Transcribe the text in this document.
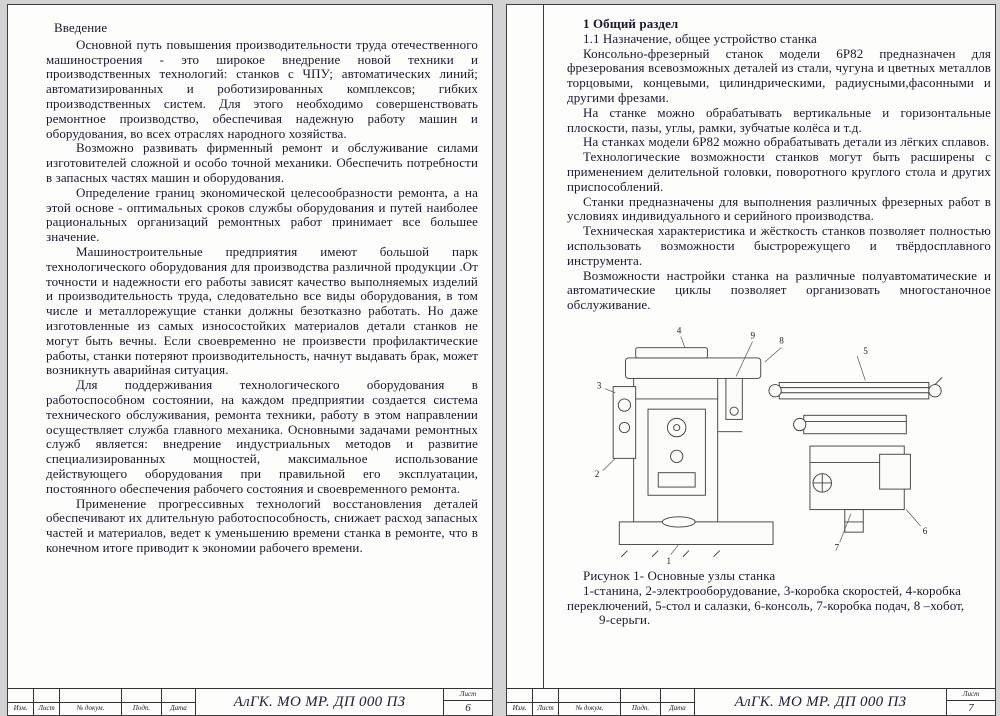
Введение

Основной путь повышения производительности труда отечественного машиностроения - это широкое внедрение новой техники и производственных технологий: станков с ЧПУ; автоматических линий; автоматизированных и роботизированных комплексов; гибких производственных систем. Для этого необходимо совершенствовать ремонтное производство, обеспечивая надежную работу машин и оборудования, во всех отраслях народного хозяйства.

Возможно развивать фирменный ремонт и обслуживание силами изготовителей сложной и особо точной механики. Обеспечить потребности в запасных частях машин и оборудования.

Определение границ экономической целесообразности ремонта, а на этой основе - оптимальных сроков службы оборудования и путей наиболее рациональных организаций ремонтных работ принимает все большее значение.

Машиностроительные предприятия имеют большой парк технологического оборудования для производства различной продукции .От точности и надежности его работы зависят качество выполняемых изделий и производительность труда, следовательно все виды оборудования, в том числе и металлорежущие станки должны безотказно работать. Но даже изготовленные из самых износостойких материалов детали станков не могут быть вечны. Если своевременно не произвести профилактические работы, станки потеряют производительность, начнут выдавать брак, может возникнуть аварийная ситуация.

Для поддерживания технологического оборудования в работоспособном состоянии, на каждом предприятии создается система технического обслуживания, ремонта техники, работу в этом направлении осуществляет служба главного механика. Основными задачами ремонтных служб является: внедрение индустриальных методов и развитие специализированных мощностей, максимальное использование действующего оборудования при правильной его эксплуатации, постоянного обеспечения рабочего состояния и своевременного ремонта.

Применение прогрессивных технологий восстановления деталей обеспечивают их длительную работоспособность, снижает расход запасных частей и материалов, ведет к уменьшению времени станка в ремонте, что в конечном итоге приводит к экономии рабочего времени.

Изм.	Лист	№ докум.	Подп.	Дата	АлГК. МО МР. ДП 000 ПЗ	Лист
6
1 Общий раздел
1.1 Назначение, общее устройство станка

Консольно-фрезерный станок модели 6Р82 предназначен для фрезерования всевозможных деталей из стали, чугуна и цветных металлов торцовыми, концевыми, цилиндрическими, радиусными,фасонными и другими фрезами.

На станке можно обрабатывать вертикальные и горизонтальные плоскости, пазы, углы, рамки, зубчатые колёса и т.д.

На станках модели 6Р82 можно обрабатывать детали из лёгких сплавов.

Технологические возможности станков могут быть расширены с применением делительной головки, поворотного круглого стола и других приспособлений.

Станки предназначены для выполнения различных фрезерных работ в условиях индивидуального и серийного производства.

Техническая характеристика и жёсткость станков позволяет полностью использовать возможности быстрорежущего и твёрдосплавного инструмента.

Возможности настройки станка на различные полуавтоматические и автоматические циклы позволяет организовать многостаночное обслуживание.

1
2
3
4
5
6
7
8
9

Рисунок 1- Основные узлы станка

1-станина, 2-электрооборудование, 3-коробка скоростей, 4-коробка переключений, 5-стол и салазки, 6-консоль, 7-коробка подач, 8 –хобот,

9-серьги.

Изм.	Лист	№ докум.	Подп.	Дата	АлГК. МО МР. ДП 000 ПЗ	Лист
7
